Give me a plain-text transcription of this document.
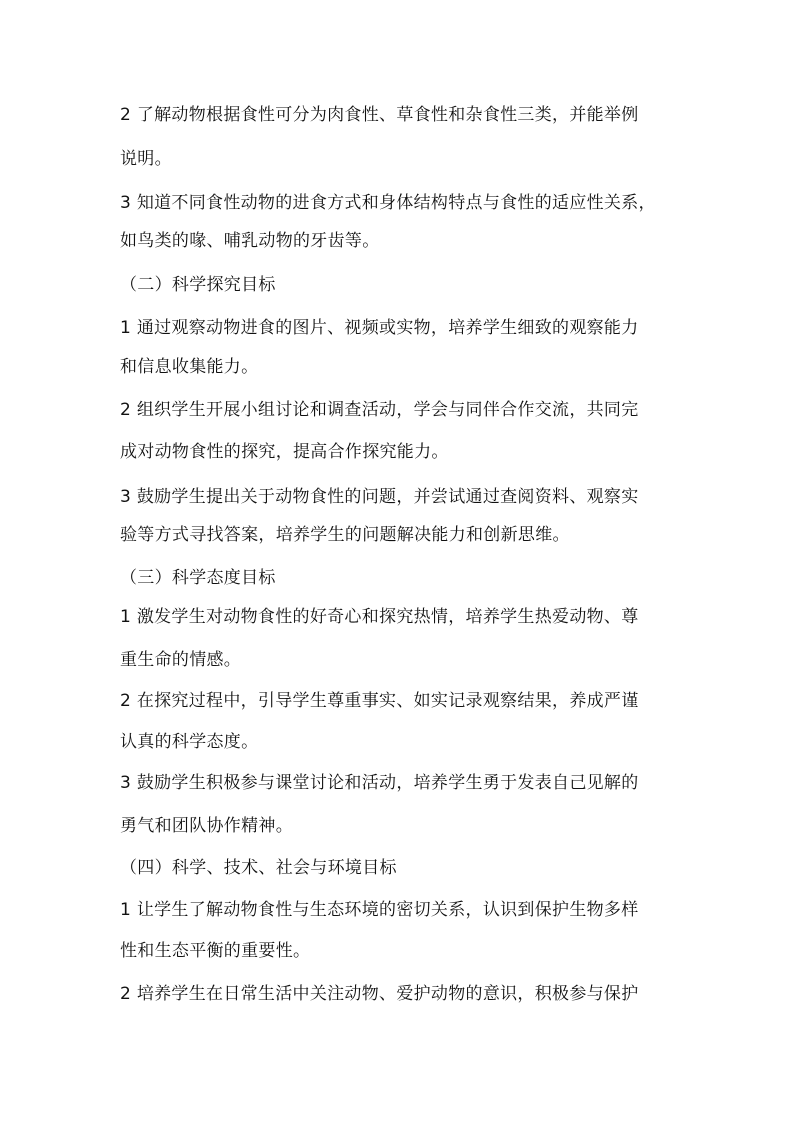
2 了解动物根据食性可分为肉食性、草食性和杂食性三类，并能举例
说明。
3 知道不同食性动物的进食方式和身体结构特点与食性的适应性关系，
如鸟类的喙、哺乳动物的牙齿等。
（二）科学探究目标
1 通过观察动物进食的图片、视频或实物，培养学生细致的观察能力
和信息收集能力。
2 组织学生开展小组讨论和调查活动，学会与同伴合作交流，共同完
成对动物食性的探究，提高合作探究能力。
3 鼓励学生提出关于动物食性的问题，并尝试通过查阅资料、观察实
验等方式寻找答案，培养学生的问题解决能力和创新思维。
（三）科学态度目标
1 激发学生对动物食性的好奇心和探究热情，培养学生热爱动物、尊
重生命的情感。
2 在探究过程中，引导学生尊重事实、如实记录观察结果，养成严谨
认真的科学态度。
3 鼓励学生积极参与课堂讨论和活动，培养学生勇于发表自己见解的
勇气和团队协作精神。
（四）科学、技术、社会与环境目标
1 让学生了解动物食性与生态环境的密切关系，认识到保护生物多样
性和生态平衡的重要性。
2 培养学生在日常生活中关注动物、爱护动物的意识，积极参与保护
